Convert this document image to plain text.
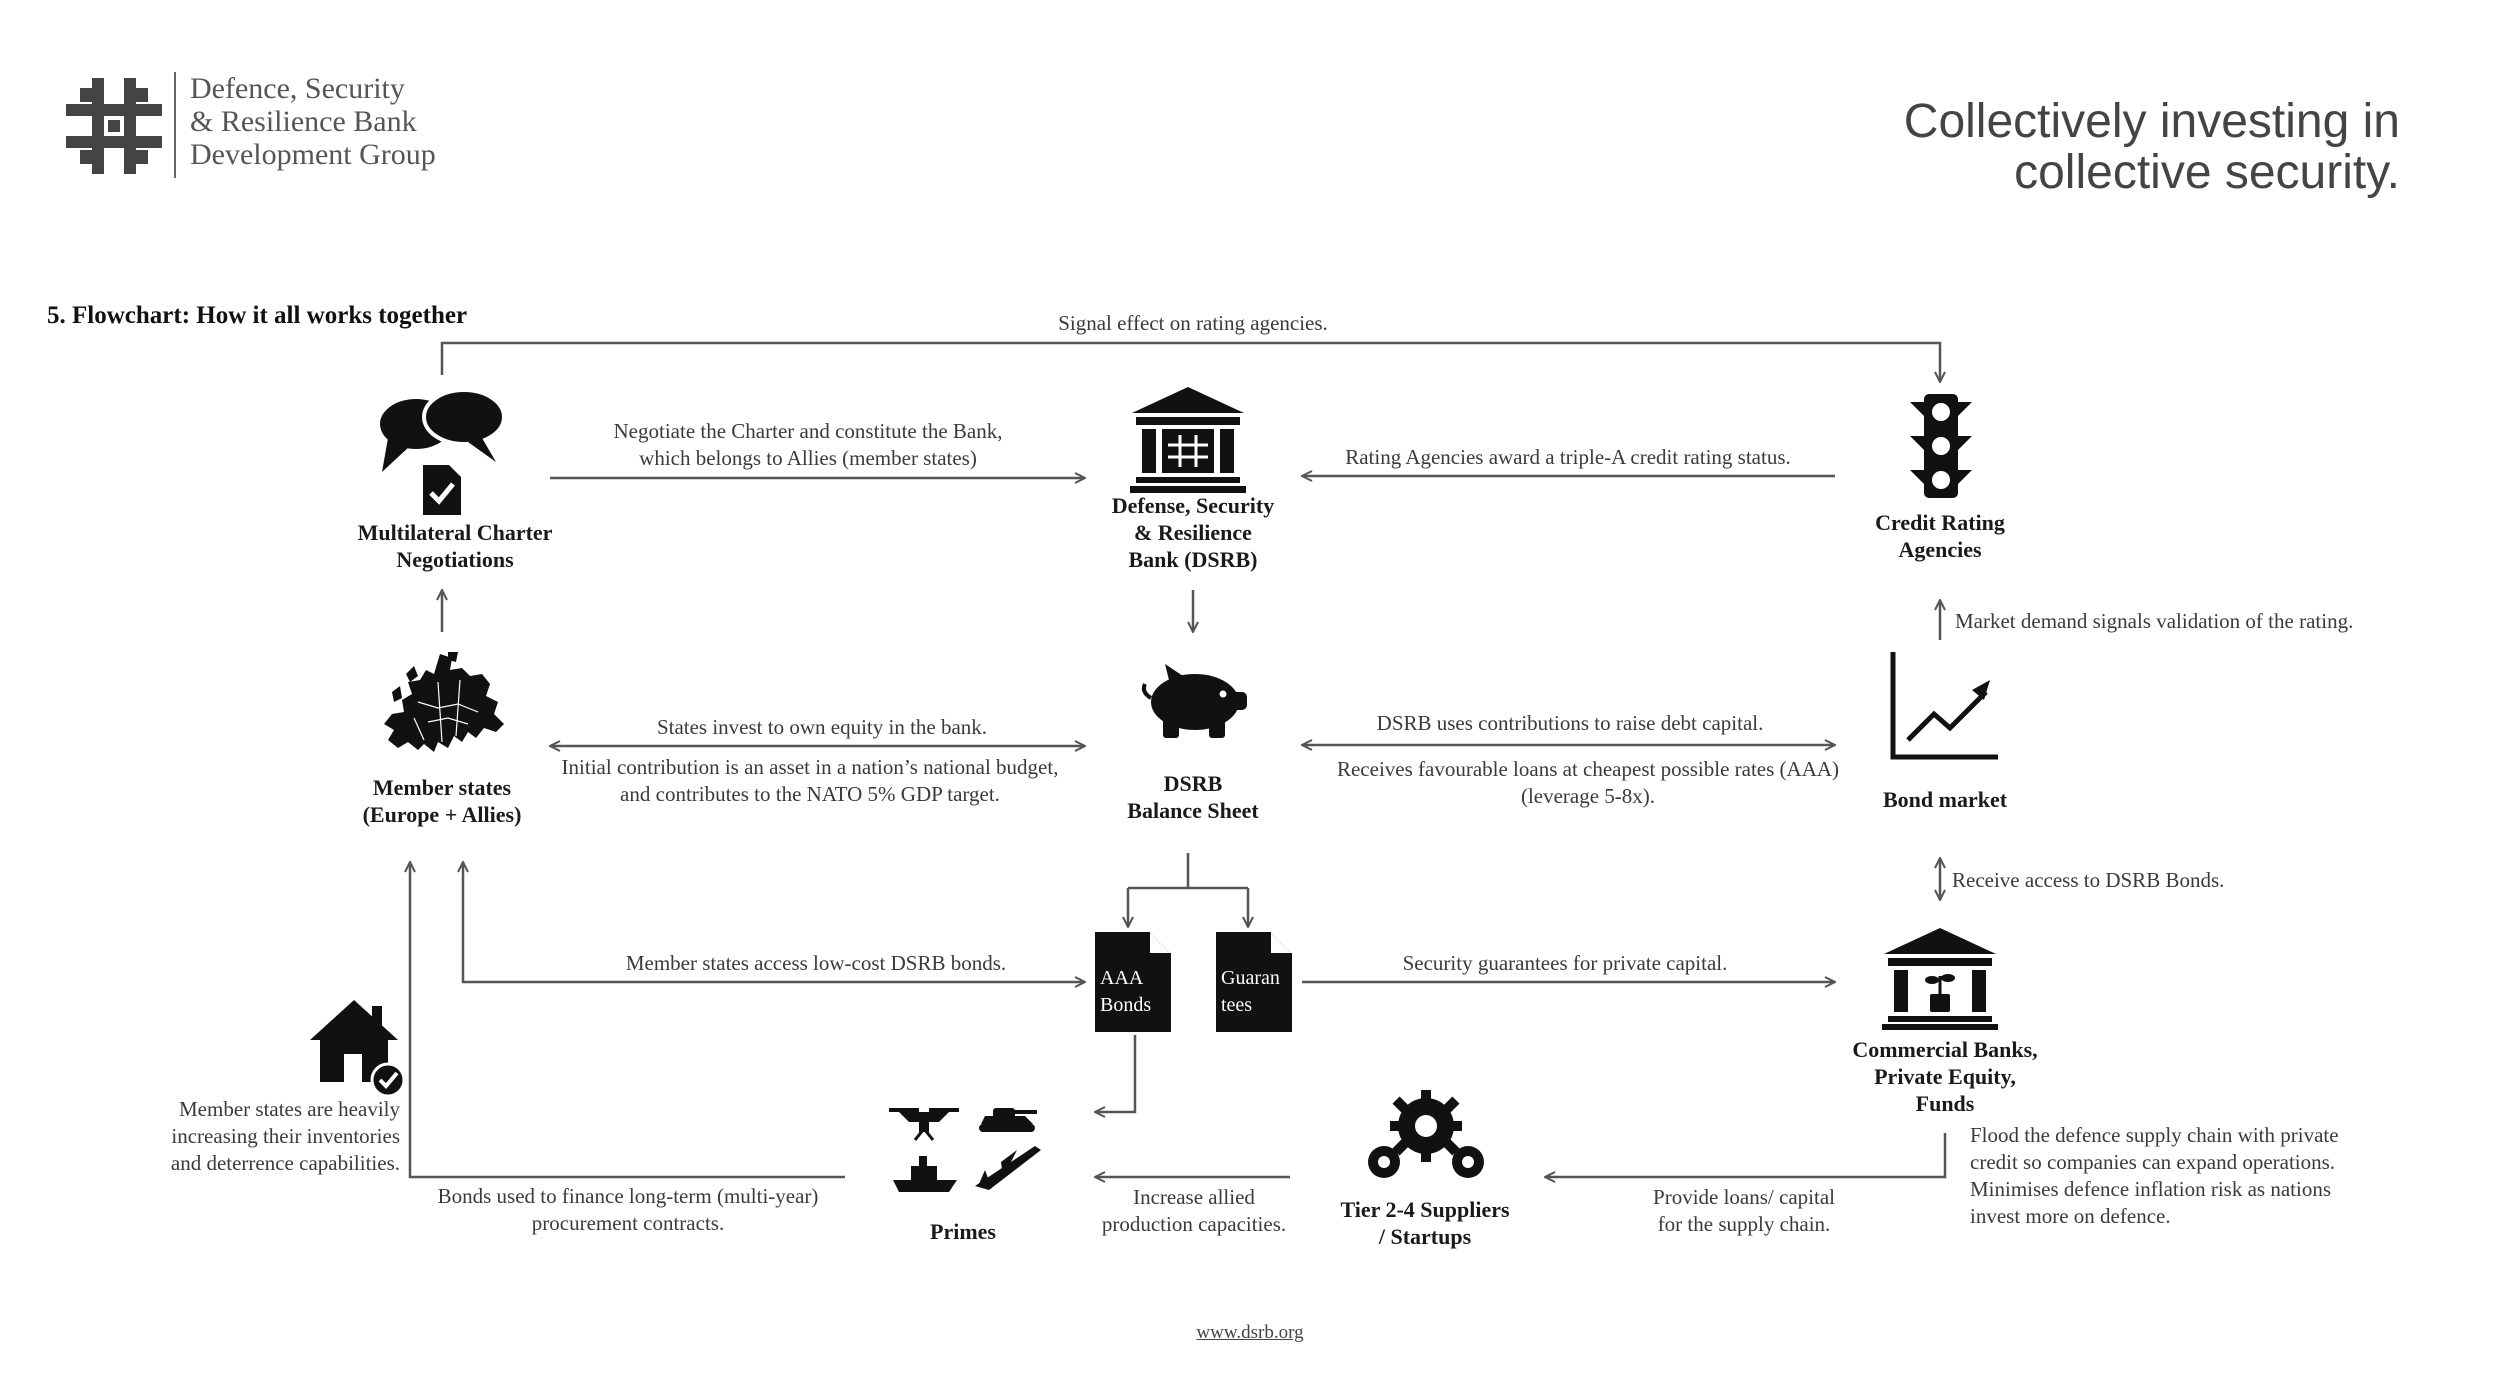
Defence, Security
& Resilience Bank
Development Group
Collectively investing in
collective security.
5. Flowchart: How it all works together
AAA
Bonds
Guaran
tees
Multilateral Charter
Negotiations
Defense, Security
& Resilience
Bank (DSRB)
Credit Rating
Agencies
Member states
(Europe + Allies)
DSRB
Balance Sheet	Bond market
Commercial Banks,
Private Equity,
Funds
Primes
Tier 2-4 Suppliers
/ Startups
Signal effect on rating agencies.
Negotiate the Charter and constitute the Bank,
which belongs to Allies (member states)	Rating Agencies award a triple-A credit rating status.
Market demand signals validation of the rating.
States invest to own equity in the bank.
Initial contribution is an asset in a nation’s national budget,
and contributes to the NATO 5% GDP target.
DSRB uses contributions to raise debt capital.
Receives favourable loans at cheapest possible rates (AAA)
(leverage 5-8x).
Receive access to DSRB Bonds.
Member states access low-cost DSRB bonds.	Security guarantees for private capital.
Member states are heavily
increasing their inventories
and deterrence capabilities.
Bonds used to finance long-term (multi-year)
procurement contracts.
Increase allied
production capacities.
Provide loans/ capital
for the supply chain.
Flood the defence supply chain with private
credit so companies can expand operations.
Minimises defence inflation risk as nations
invest more on defence.
www.dsrb.org
